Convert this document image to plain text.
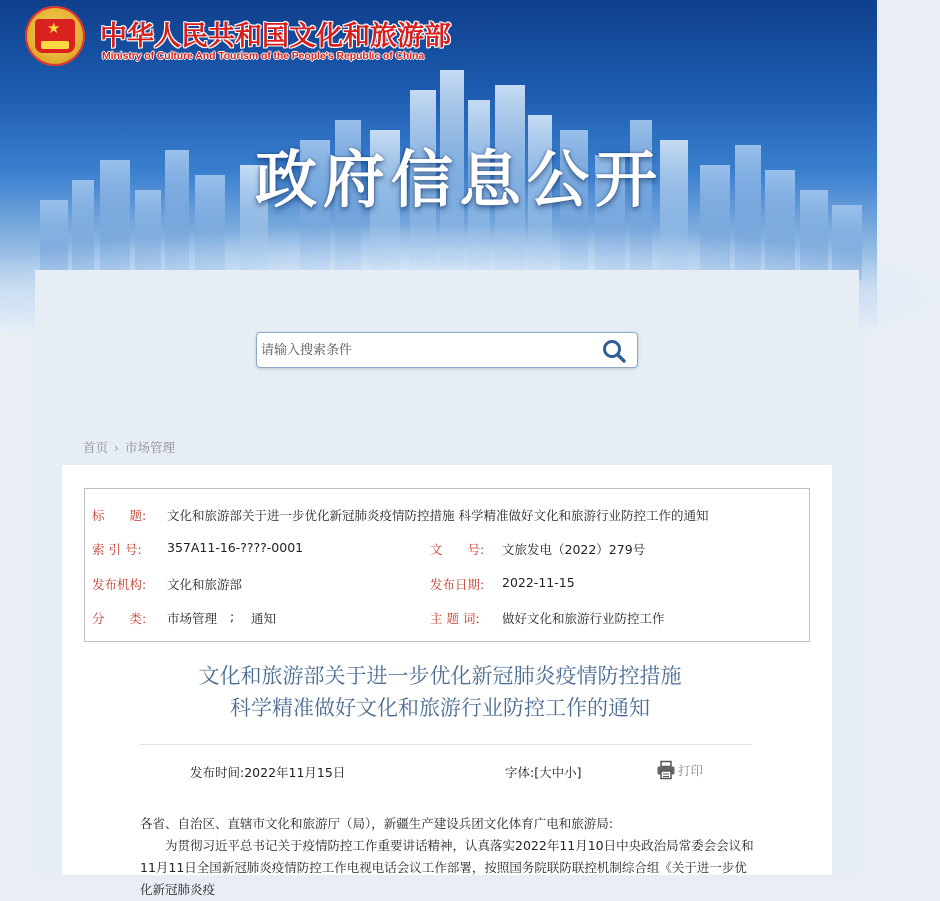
★
中华人民共和国文化和旅游部
Ministry of Culture And Tourism of the People's Republic of China
政府信息公开
请输入搜索条件
首页 › 市场管理
标　　题: 文化和旅游部关于进一步优化新冠肺炎疫情防控措施 科学精准做好文化和旅游行业防控工作的通知
索 引 号: 357A11-16-????-0001	文　　号: 文旅发电（2022）279号
发布机构: 文化和旅游部	发布日期: 2022-11-15
分　　类: 市场管理 ; 通知	主 题 词: 做好文化和旅游行业防控工作
文化和旅游部关于进一步优化新冠肺炎疫情防控措施
科学精准做好文化和旅游行业防控工作的通知
发布时间:2022年11月15日	字体:[大中小]	打印
各省、自治区、直辖市文化和旅游厅（局），新疆生产建设兵团文化体育广电和旅游局:
为贯彻习近平总书记关于疫情防控工作重要讲话精神，认真落实2022年11月10日中央政治局常委会会议和11月11日全国新冠肺炎疫情防控工作电视电话会议工作部署，按照国务院联防联控机制综合组《关于进一步优化新冠肺炎疫
